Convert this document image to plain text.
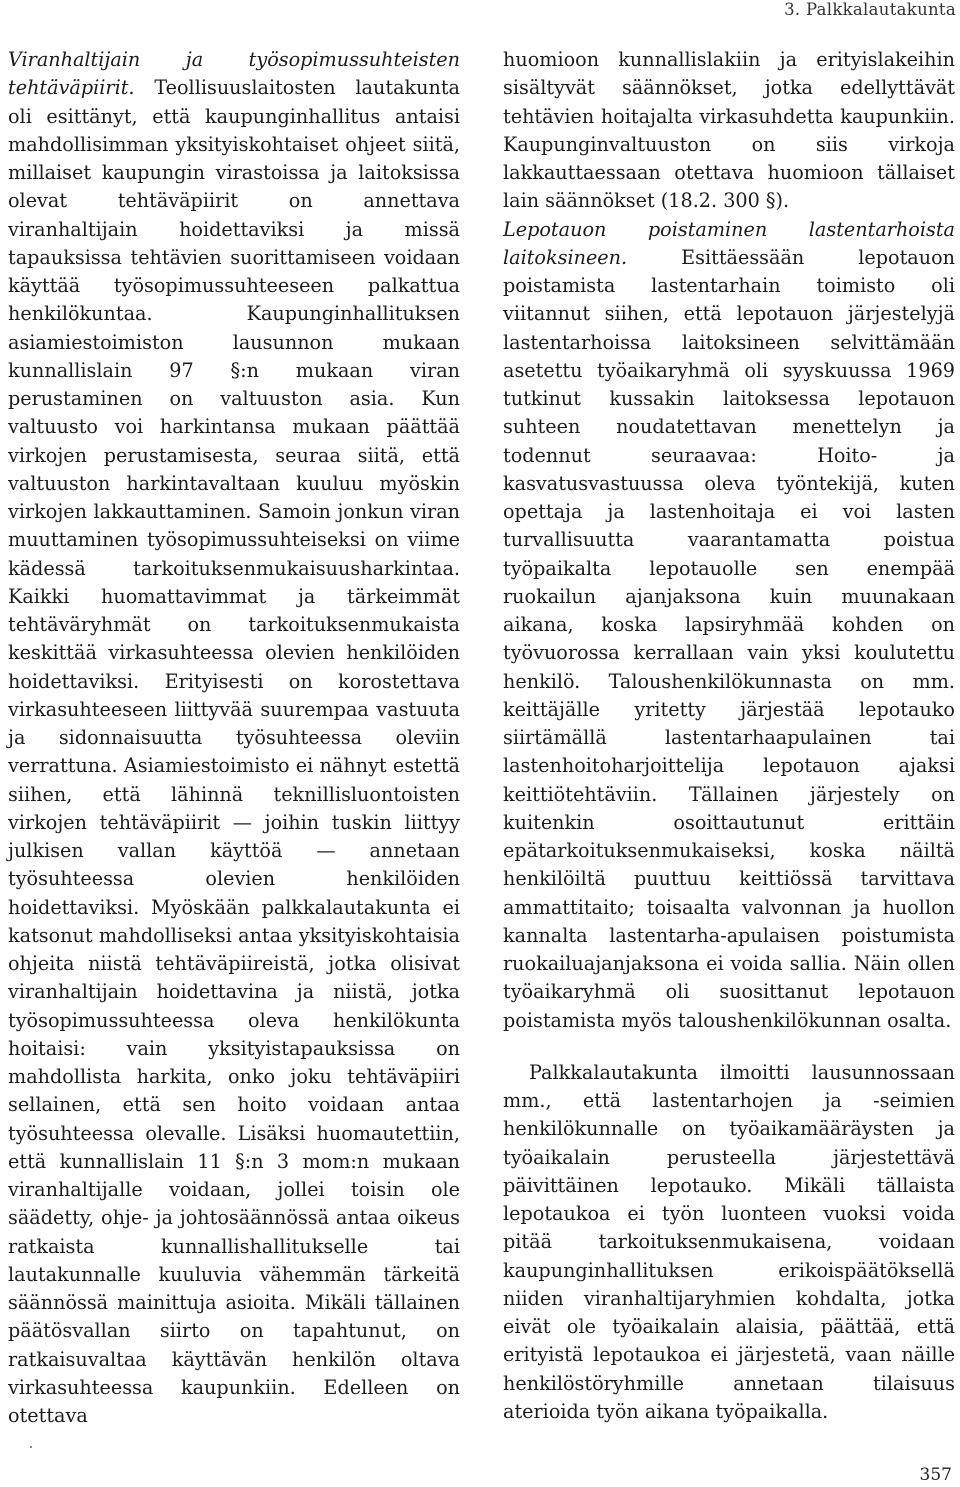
3. Palkkalautakunta

Viranhaltijain ja työsopimussuhteisten tehtäväpiirit. Teollisuuslaitosten lautakunta oli esittänyt, että kaupunginhallitus antaisi mahdollisimman yksityiskohtaiset ohjeet siitä, millaiset kaupungin virastoissa ja laitoksissa olevat tehtäväpiirit on annettava viranhaltijain hoidettaviksi ja missä tapauksissa tehtävien suorittamiseen voidaan käyttää työsopimussuhteeseen palkattua henkilökuntaa. Kaupunginhallituksen asiamiestoimiston lausunnon mukaan kunnallislain 97 §:n mukaan viran perustaminen on valtuuston asia. Kun valtuusto voi harkintansa mukaan päättää virkojen perustamisesta, seuraa siitä, että valtuuston harkintavaltaan kuuluu myöskin virkojen lakkauttaminen. Samoin jonkun viran muuttaminen työsopimussuhteiseksi on viime kädessä tarkoituksenmukaisuusharkintaa. Kaikki huomattavimmat ja tärkeimmät tehtäväryhmät on tarkoituksenmukaista keskittää virkasuhteessa olevien henkilöiden hoidettaviksi. Erityisesti on korostettava virkasuhteeseen liittyvää suurempaa vastuuta ja sidonnaisuutta työsuhteessa oleviin verrattuna. Asiamiestoimisto ei nähnyt estettä siihen, että lähinnä teknillisluontoisten virkojen tehtäväpiirit — joihin tuskin liittyy julkisen vallan käyttöä — annetaan työsuhteessa olevien henkilöiden hoidettaviksi. Myöskään palkkalautakunta ei katsonut mahdolliseksi antaa yksityiskohtaisia ohjeita niistä tehtäväpiireistä, jotka olisivat viranhaltijain hoidettavina ja niistä, jotka työsopimussuhteessa oleva henkilökunta hoitaisi: vain yksityistapauksissa on mahdollista harkita, onko joku tehtäväpiiri sellainen, että sen hoito voidaan antaa työsuhteessa olevalle. Lisäksi huomautettiin, että kunnallislain 11 §:n 3 mom:n mukaan viranhaltijalle voidaan, jollei toisin ole säädetty, ohje- ja johtosäännössä antaa oikeus ratkaista kunnallishallitukselle tai lautakunnalle kuuluvia vähemmän tärkeitä säännössä mainittuja asioita. Mikäli tällainen päätösvallan siirto on tapahtunut, on ratkaisuvaltaa käyttävän henkilön oltava virkasuhteessa kaupunkiin. Edelleen on otettava

huomioon kunnallislakiin ja erityislakeihin sisältyvät säännökset, jotka edellyttävät tehtävien hoitajalta virkasuhdetta kaupunkiin. Kaupunginvaltuuston on siis virkoja lakkauttaessaan otettava huomioon tällaiset lain säännökset (18.2. 300 §).

Lepotauon poistaminen lastentarhoista laitoksineen.	Esittäessään lepotauon poistamista lastentarhain toimisto oli viitannut siihen, että lepotauon järjestelyjä lastentarhoissa laitoksineen selvittämään asetettu työaikaryhmä oli syyskuussa 1969 tutkinut kussakin laitoksessa lepotauon suhteen noudatettavan menettelyn ja todennut seuraavaa: Hoito- ja kasvatusvastuussa oleva työntekijä, kuten opettaja ja lastenhoitaja ei voi lasten turvallisuutta vaarantamatta poistua työpaikalta lepotauolle sen enempää ruokailun ajanjaksona kuin muunakaan aikana, koska lapsiryhmää kohden on työvuorossa kerrallaan vain yksi koulutettu henkilö. Taloushenkilökunnasta on mm. keittäjälle yritetty järjestää lepotauko siirtämällä lastentarhaapulainen tai lastenhoitoharjoittelija lepotauon ajaksi keittiötehtäviin. Tällainen järjestely on kuitenkin osoittautunut erittäin epätarkoituksenmukaiseksi, koska näiltä henkilöiltä puuttuu keittiössä tarvittava ammattitaito; toisaalta valvonnan ja huollon kannalta lastentarha-apulaisen poistumista ruokailuajanjaksona ei voida sallia. Näin ollen työaikaryhmä oli suosittanut lepotauon poistamista myös taloushenkilökunnan osalta.

Palkkalautakunta ilmoitti lausunnossaan mm., että lastentarhojen ja -seimien henkilökunnalle on työaikamääräysten ja työaikalain perusteella järjestettävä päivittäinen lepotauko. Mikäli tällaista lepotaukoa ei työn luonteen vuoksi voida pitää tarkoituksenmukaisena, voidaan kaupunginhallituksen erikoispäätöksellä niiden viranhaltijaryhmien kohdalta, jotka eivät ole työaikalain alaisia, päättää, että erityistä lepotaukoa ei järjestetä, vaan näille henkilöstöryhmille annetaan tilaisuus aterioida työn aikana työpaikalla.

357
